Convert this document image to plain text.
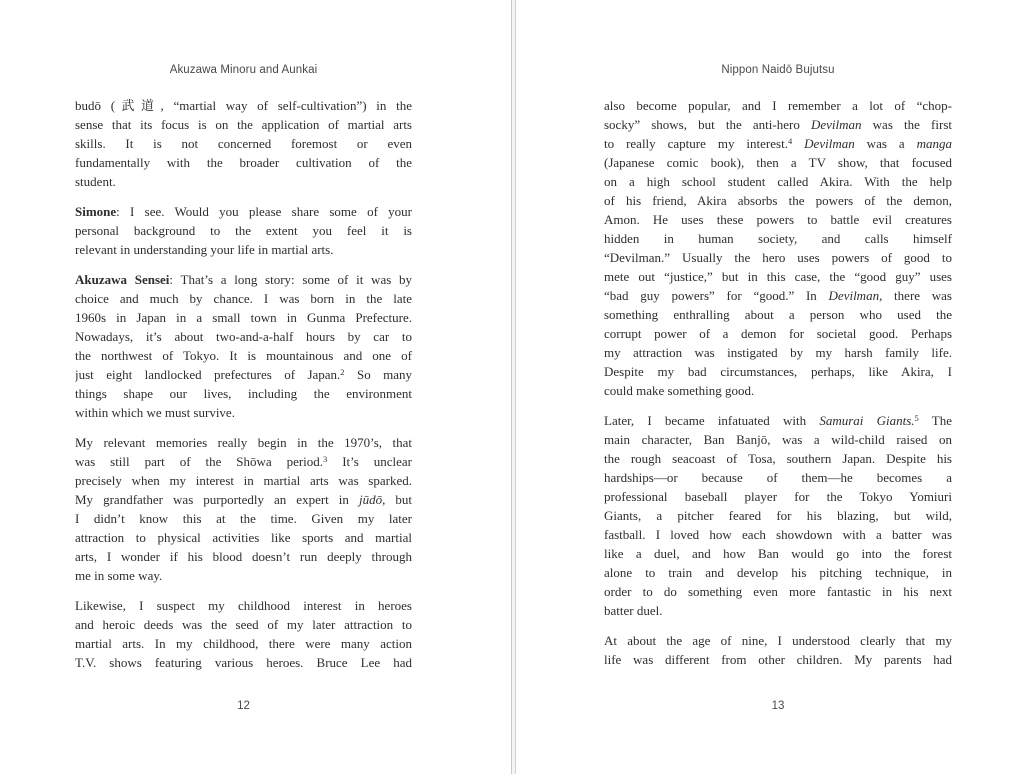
Akuzawa Minoru and Aunkai
budō (武道, “martial way of self-cultivation”) in the
sense that its focus is on the application of martial arts
skills. It is not concerned foremost or even
fundamentally with the broader cultivation of the
student.
Simone: I see. Would you please share some of your
personal background to the extent you feel it is
relevant in understanding your life in martial arts.
Akuzawa Sensei: That’s a long story: some of it was by
choice and much by chance. I was born in the late
1960s in Japan in a small town in Gunma Prefecture.
Nowadays, it’s about two-and-a-half hours by car to
the northwest of Tokyo. It is mountainous and one of
just eight landlocked prefectures of Japan.$^2$ So many
things shape our lives, including the environment
within which we must survive.
My relevant memories really begin in the 1970’s, that
was still part of the Shōwa period.$^3$ It’s unclear
precisely when my interest in martial arts was sparked.
My grandfather was purportedly an expert in jūdō, but
I didn’t know this at the time. Given my later
attraction to physical activities like sports and martial
arts, I wonder if his blood doesn’t run deeply through
me in some way.
Likewise, I suspect my childhood interest in heroes
and heroic deeds was the seed of my later attraction to
martial arts. In my childhood, there were many action
T.V. shows featuring various heroes. Bruce Lee had
12
Nippon Naidō Bujutsu
also become popular, and I remember a lot of “chop-
socky” shows, but the anti-hero Devilman was the first
to really capture my interest.$^4$ Devilman was a manga
(Japanese comic book), then a TV show, that focused
on a high school student called Akira. With the help
of his friend, Akira absorbs the powers of the demon,
Amon. He uses these powers to battle evil creatures
hidden in human society, and calls himself
“Devilman.” Usually the hero uses powers of good to
mete out “justice,” but in this case, the “good guy” uses
“bad guy powers” for “good.” In Devilman, there was
something enthralling about a person who used the
corrupt power of a demon for societal good. Perhaps
my attraction was instigated by my harsh family life.
Despite my bad circumstances, perhaps, like Akira, I
could make something good.
Later, I became infatuated with Samurai Giants.$^5$ The
main character, Ban Banjō, was a wild-child raised on
the rough seacoast of Tosa, southern Japan. Despite his
hardships—or because of them—he becomes a
professional baseball player for the Tokyo Yomiuri
Giants, a pitcher feared for his blazing, but wild,
fastball. I loved how each showdown with a batter was
like a duel, and how Ban would go into the forest
alone to train and develop his pitching technique, in
order to do something even more fantastic in his next
batter duel.
At about the age of nine, I understood clearly that my
life was different from other children. My parents had
13
